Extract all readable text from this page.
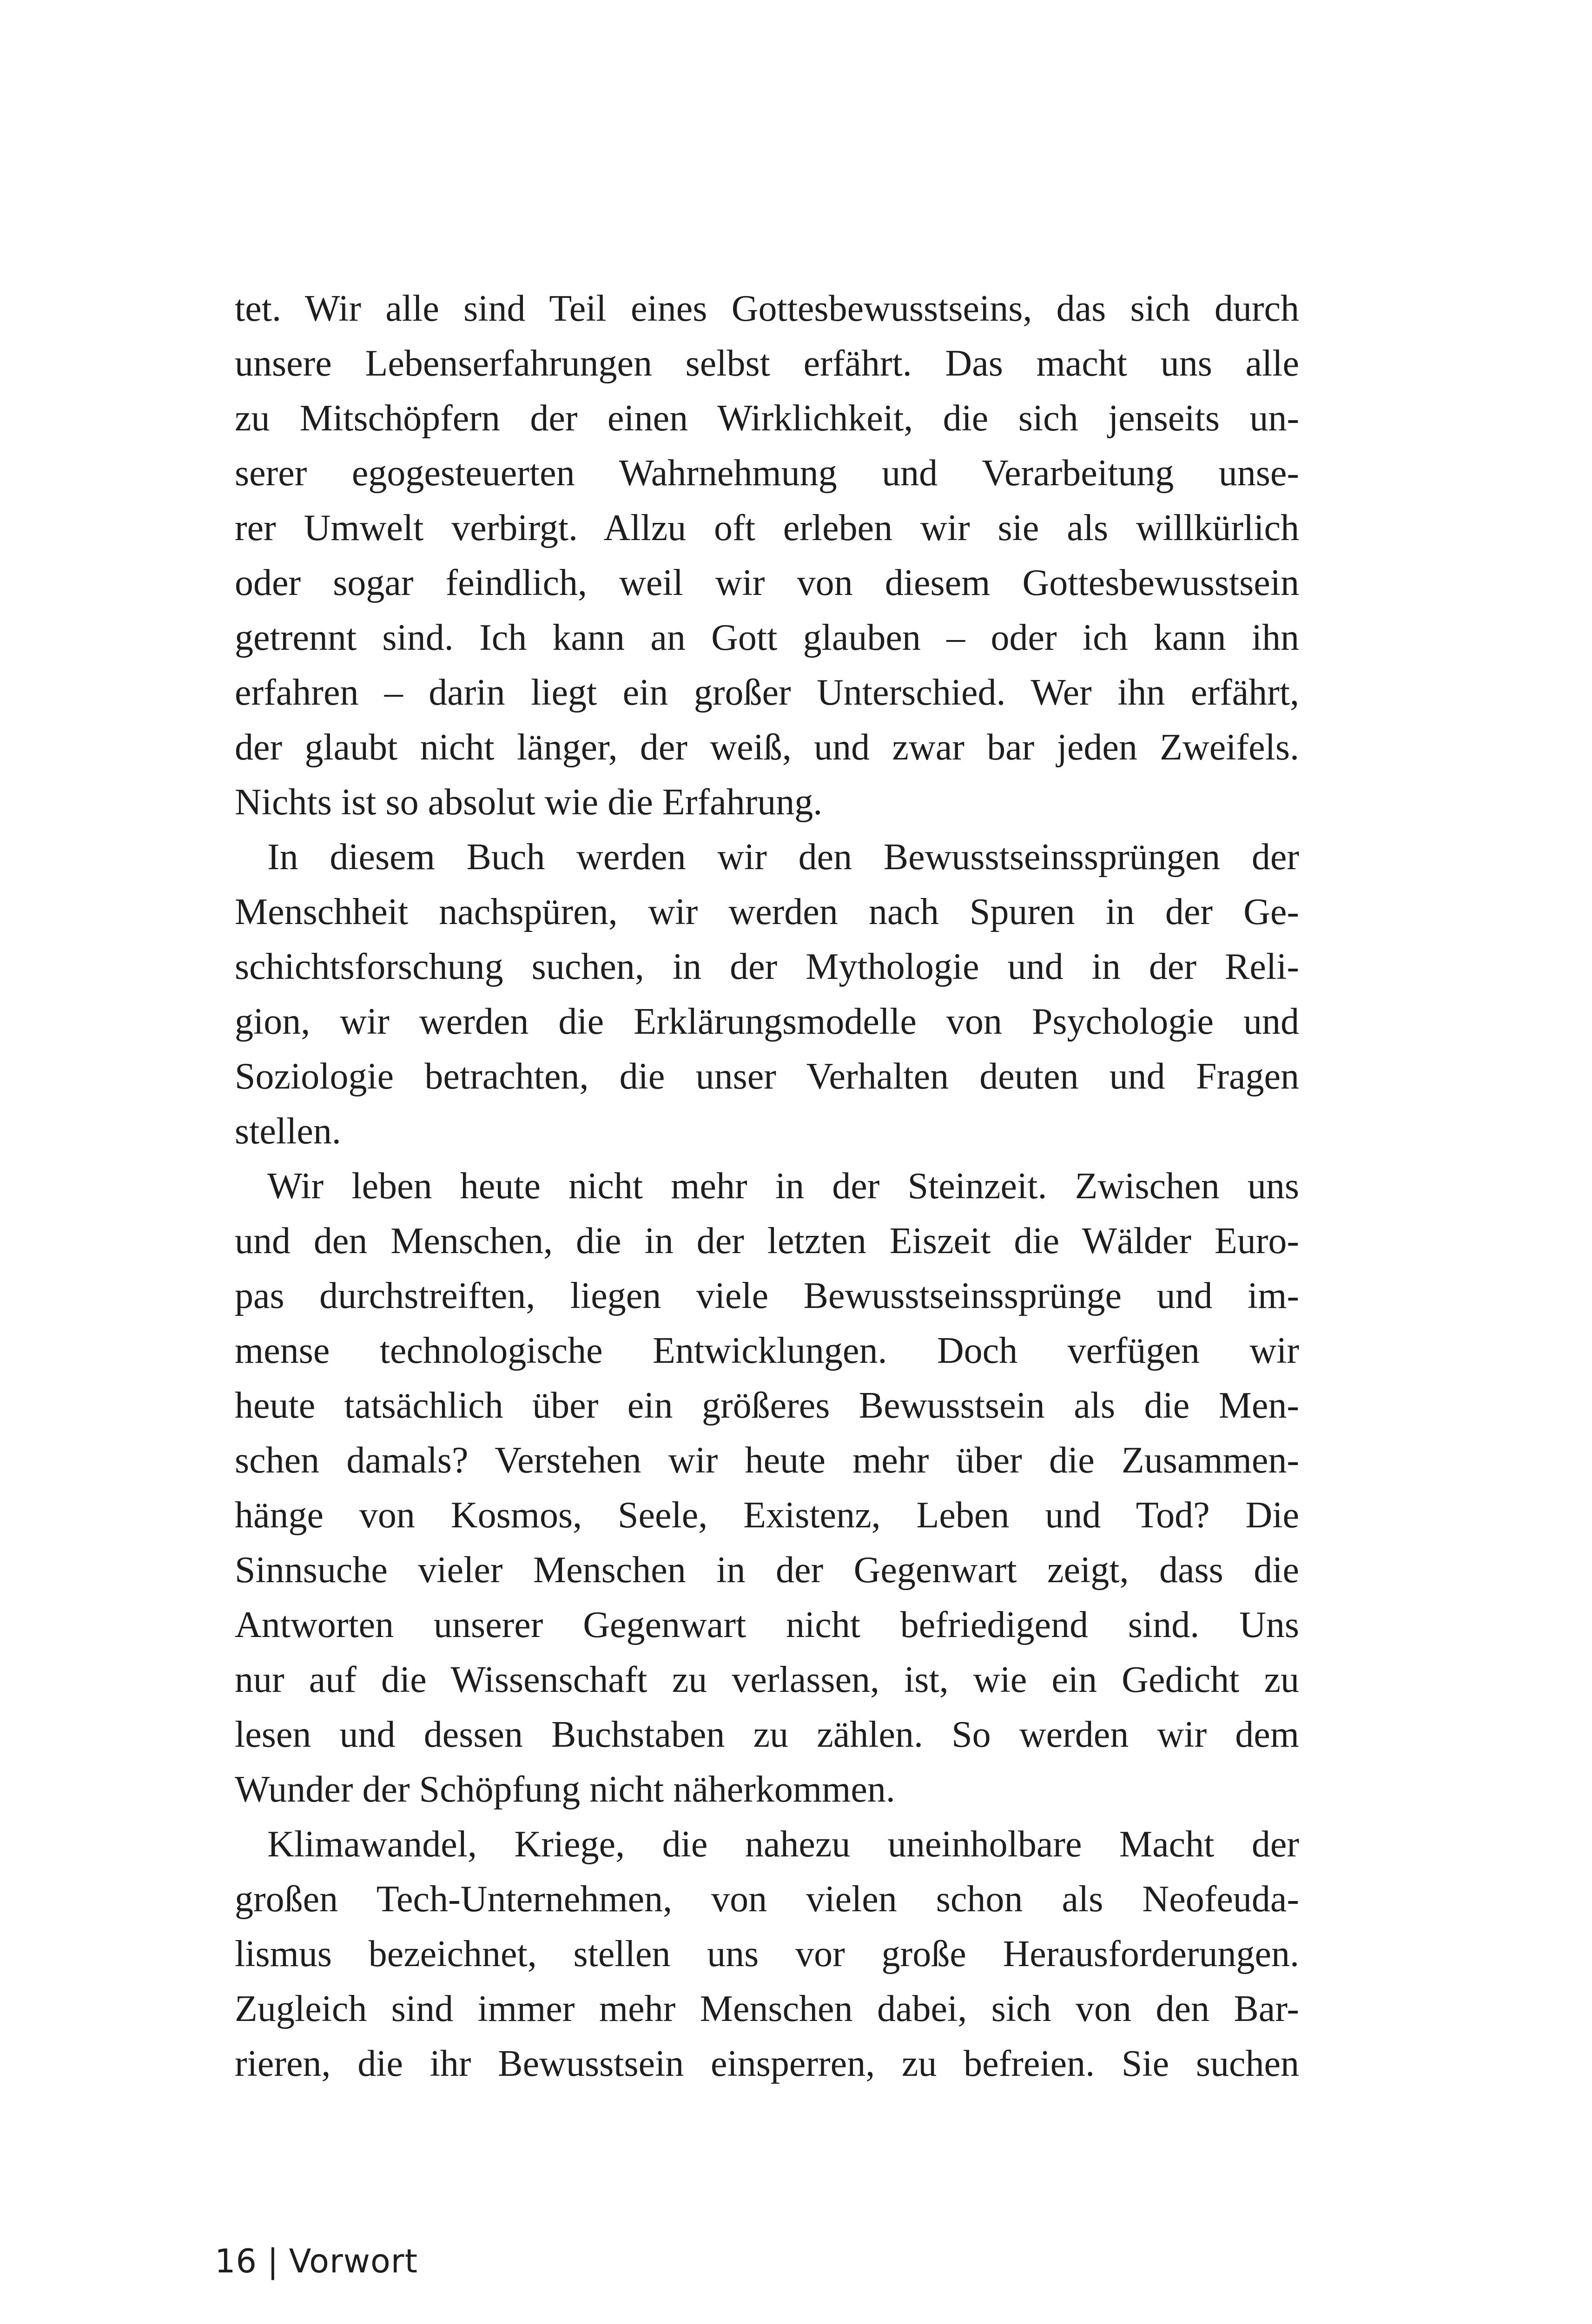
tet. Wir alle sind Teil eines Gottesbewusstseins, das sich durch
unsere Lebenserfahrungen selbst erfährt. Das macht uns alle
zu Mitschöpfern der einen Wirklichkeit, die sich jenseits un-
serer egogesteuerten Wahrnehmung und Verarbeitung unse-
rer Umwelt verbirgt. Allzu oft erleben wir sie als willkürlich
oder sogar feindlich, weil wir von diesem Gottesbewusstsein
getrennt sind. Ich kann an Gott glauben – oder ich kann ihn
erfahren – darin liegt ein großer Unterschied. Wer ihn erfährt,
der glaubt nicht länger, der weiß, und zwar bar jeden Zweifels.
Nichts ist so absolut wie die Erfahrung.
In diesem Buch werden wir den Bewusstseinssprüngen der
Menschheit nachspüren, wir werden nach Spuren in der Ge-
schichtsforschung suchen, in der Mythologie und in der Reli-
gion, wir werden die Erklärungsmodelle von Psychologie und
Soziologie betrachten, die unser Verhalten deuten und Fragen
stellen.
Wir leben heute nicht mehr in der Steinzeit. Zwischen uns
und den Menschen, die in der letzten Eiszeit die Wälder Euro-
pas durchstreiften, liegen viele Bewusstseinssprünge und im-
mense technologische Entwicklungen. Doch verfügen wir
heute tatsächlich über ein größeres Bewusstsein als die Men-
schen damals? Verstehen wir heute mehr über die Zusammen-
hänge von Kosmos, Seele, Existenz, Leben und Tod? Die
Sinnsuche vieler Menschen in der Gegenwart zeigt, dass die
Antworten unserer Gegenwart nicht befriedigend sind. Uns
nur auf die Wissenschaft zu verlassen, ist, wie ein Gedicht zu
lesen und dessen Buchstaben zu zählen. So werden wir dem
Wunder der Schöpfung nicht näherkommen.
Klimawandel, Kriege, die nahezu uneinholbare Macht der
großen Tech-Unternehmen, von vielen schon als Neofeuda-
lismus bezeichnet, stellen uns vor große Herausforderungen.
Zugleich sind immer mehr Menschen dabei, sich von den Bar-
rieren, die ihr Bewusstsein einsperren, zu befreien. Sie suchen
16 | Vorwort
